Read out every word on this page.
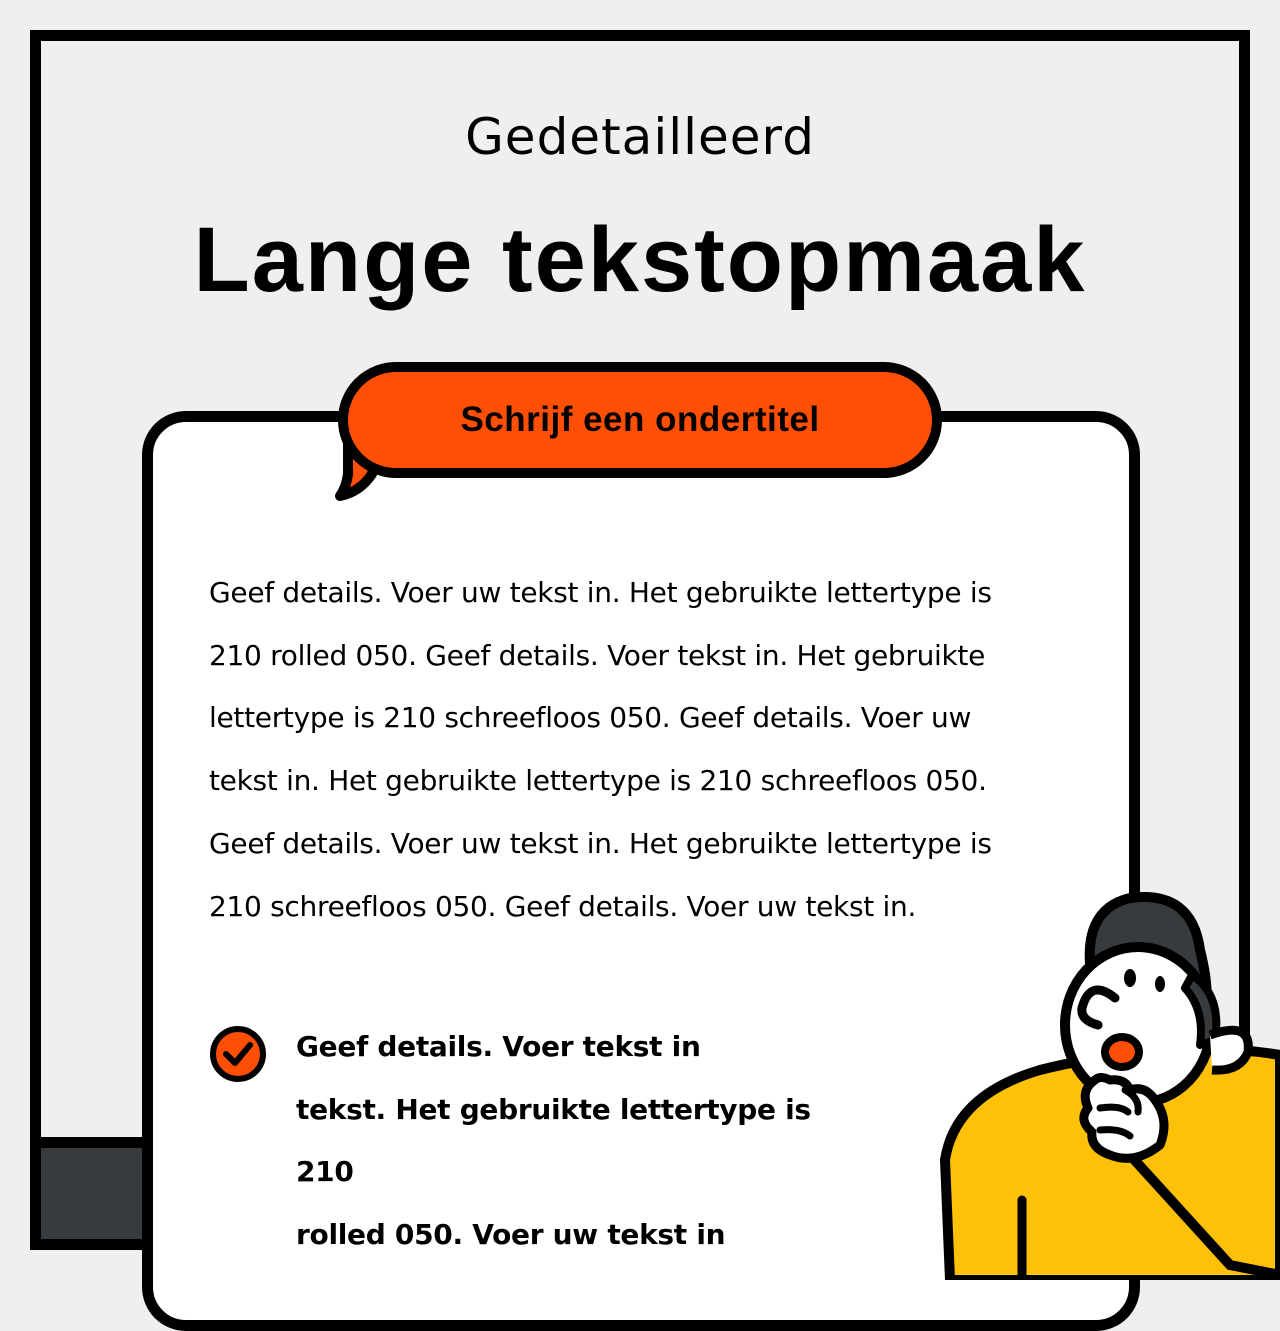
Gedetailleerd
Lange tekstopmaak
Schrijf een ondertitel

Geef details. Voer uw tekst in. Het gebruikte lettertype is
210 rolled 050. Geef details. Voer tekst in. Het gebruikte
lettertype is 210 schreefloos 050. Geef details. Voer uw
tekst in. Het gebruikte lettertype is 210 schreefloos 050.
Geef details. Voer uw tekst in. Het gebruikte lettertype is
210 schreefloos 050. Geef details. Voer uw tekst in.

Geef details. Voer tekst in
tekst. Het gebruikte lettertype is 210
rolled 050. Voer uw tekst in
